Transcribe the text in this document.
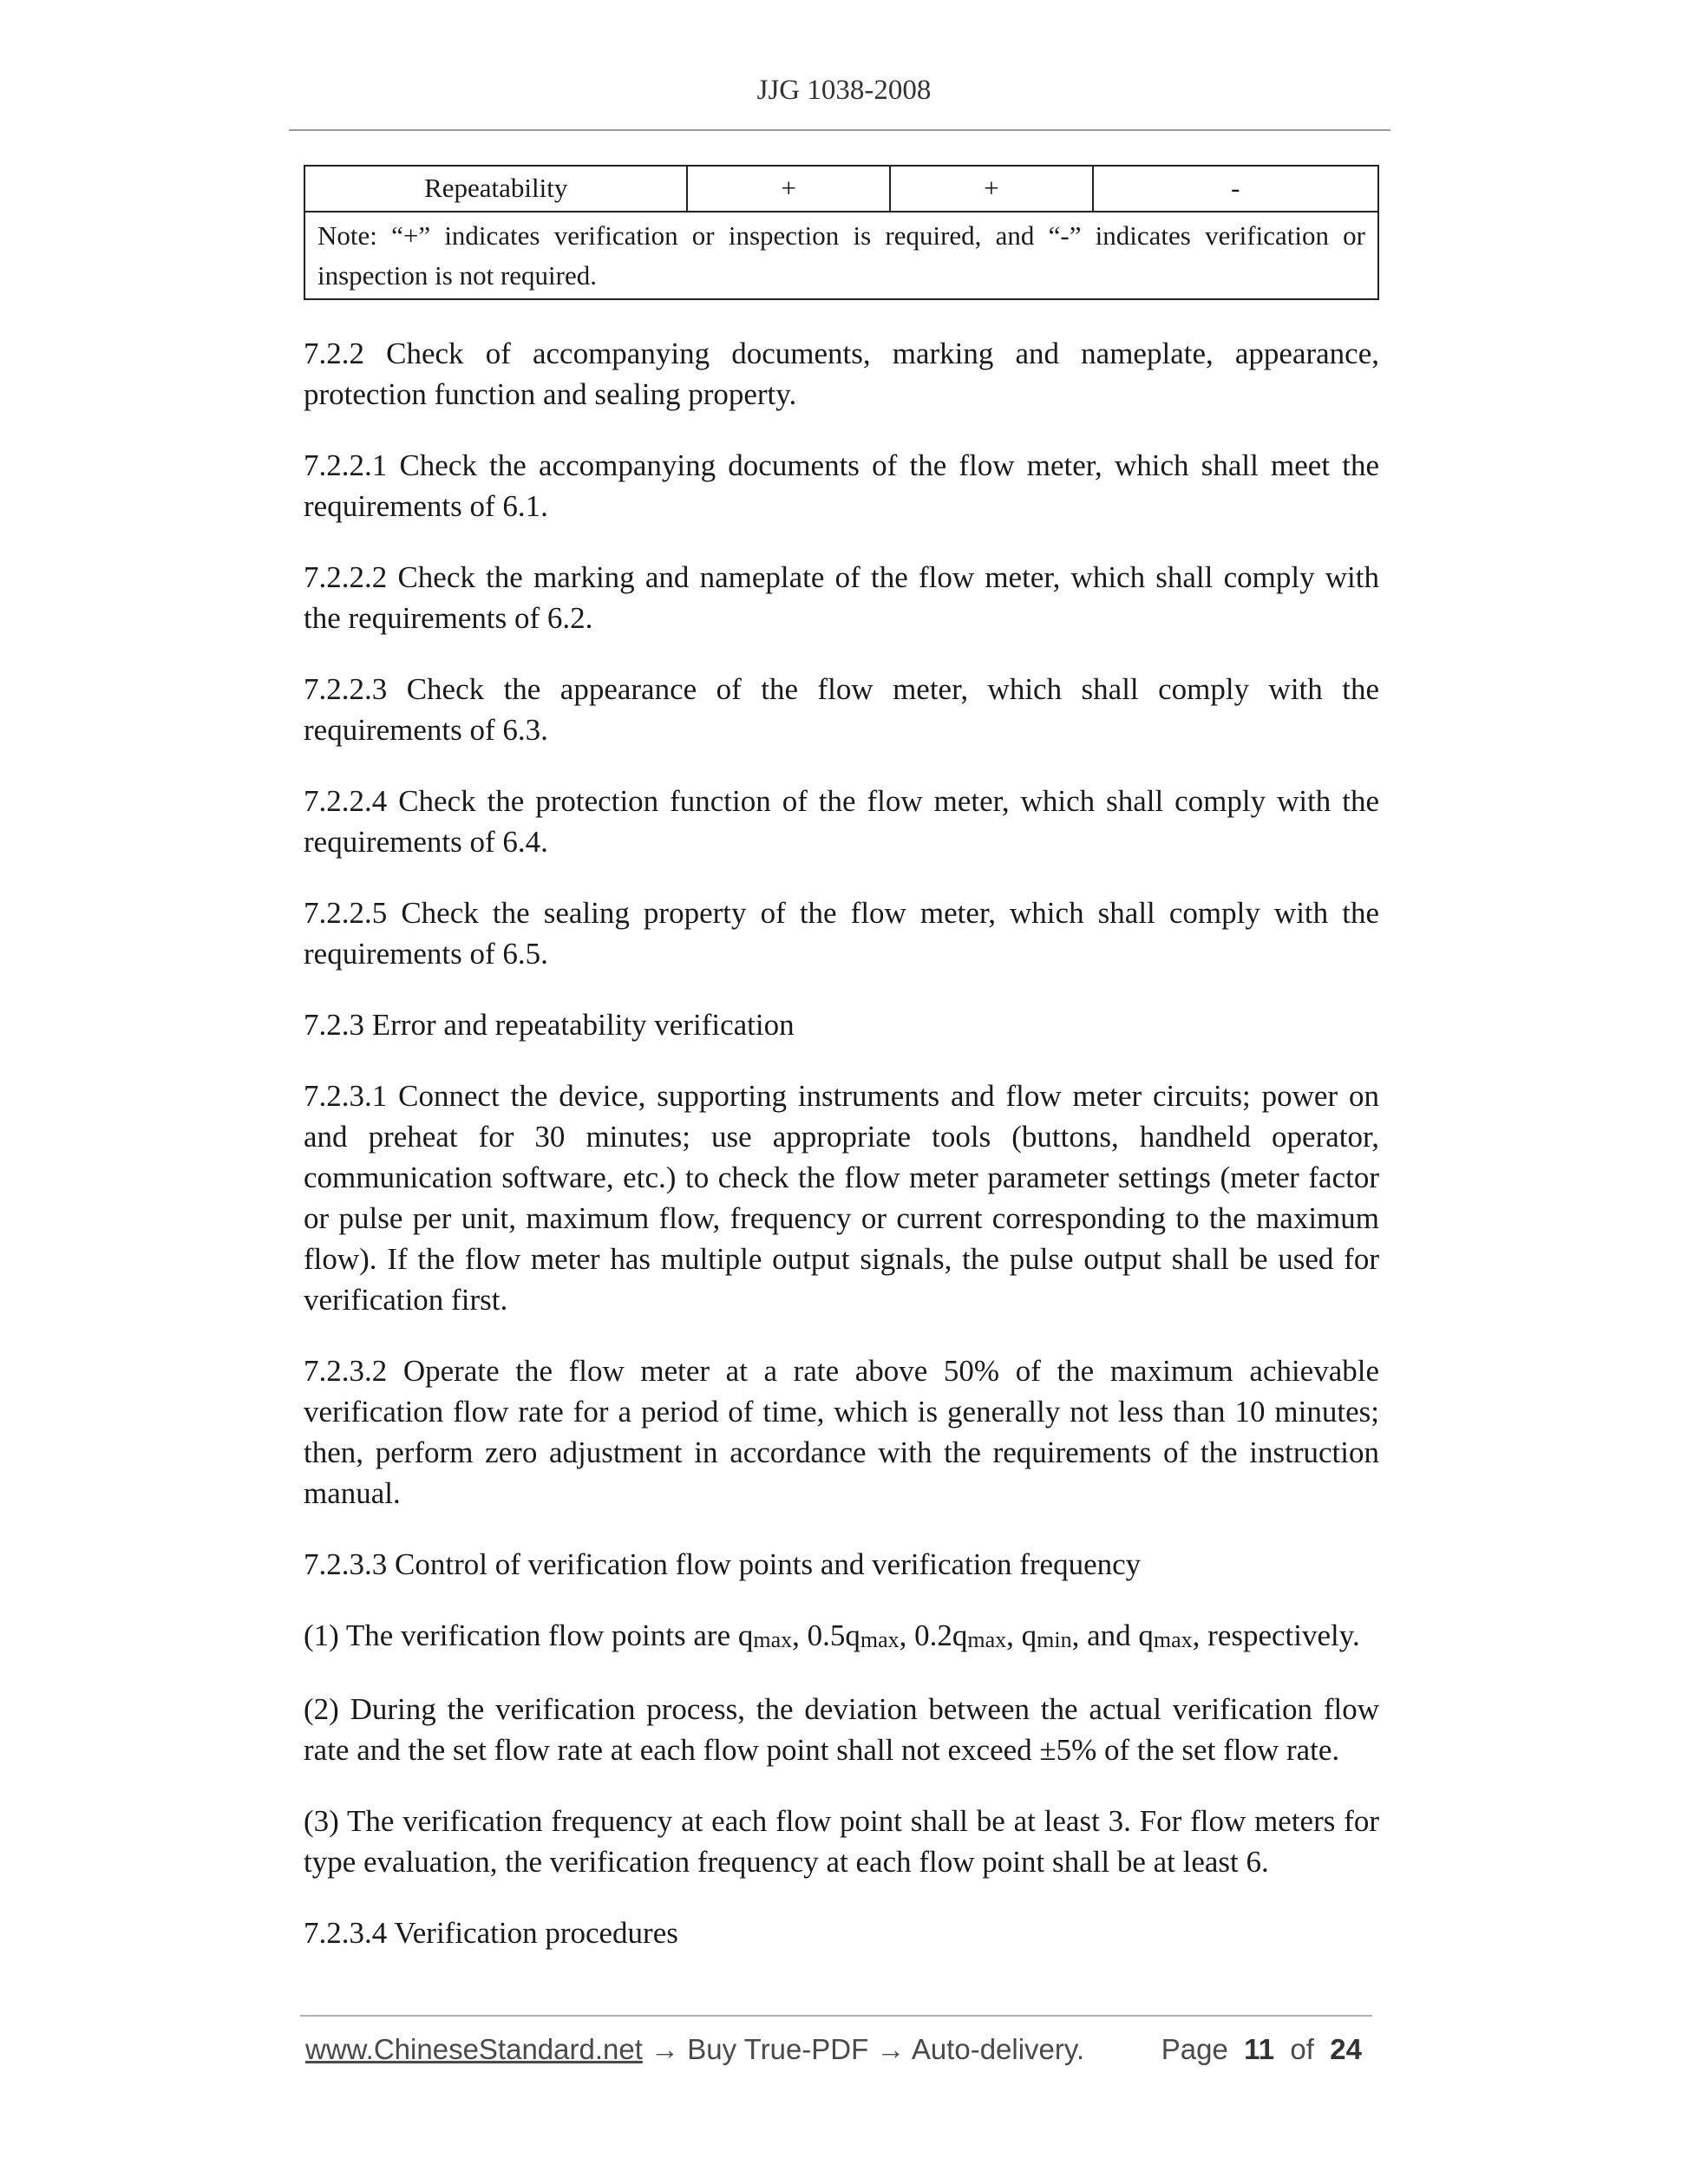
JJG 1038-2008
Repeatability	+	+	-
Note: “+” indicates verification or inspection is required, and “-” indicates verification or inspection is not required.

7.2.2 Check of accompanying documents, marking and nameplate, appearance, protection function and sealing property.

7.2.2.1 Check the accompanying documents of the flow meter, which shall meet the requirements of 6.1.

7.2.2.2 Check the marking and nameplate of the flow meter, which shall comply with the requirements of 6.2.

7.2.2.3 Check the appearance of the flow meter, which shall comply with the requirements of 6.3.

7.2.2.4 Check the protection function of the flow meter, which shall comply with the requirements of 6.4.

7.2.2.5 Check the sealing property of the flow meter, which shall comply with the requirements of 6.5.

7.2.3 Error and repeatability verification

7.2.3.1 Connect the device, supporting instruments and flow meter circuits; power on and preheat for 30 minutes; use appropriate tools (buttons, handheld operator, communication software, etc.) to check the flow meter parameter settings (meter factor or pulse per unit, maximum flow, frequency or current corresponding to the maximum flow). If the flow meter has multiple output signals, the pulse output shall be used for verification first.

7.2.3.2 Operate the flow meter at a rate above 50% of the maximum achievable verification flow rate for a period of time, which is generally not less than 10 minutes; then, perform zero adjustment in accordance with the requirements of the instruction manual.

7.2.3.3 Control of verification flow points and verification frequency

(1) The verification flow points are $q_{max}$, $0.5q_{max}$, $0.2q_{max}$, $q_{min}$, and $q_{max}$, respectively.

(2) During the verification process, the deviation between the actual verification flow rate and the set flow rate at each flow point shall not exceed ±5% of the set flow rate.

(3) The verification frequency at each flow point shall be at least 3. For flow meters for type evaluation, the verification frequency at each flow point shall be at least 6.

7.2.3.4 Verification procedures

www.ChineseStandard.net → Buy True-PDF → Auto-delivery.	Page 11 of 24
